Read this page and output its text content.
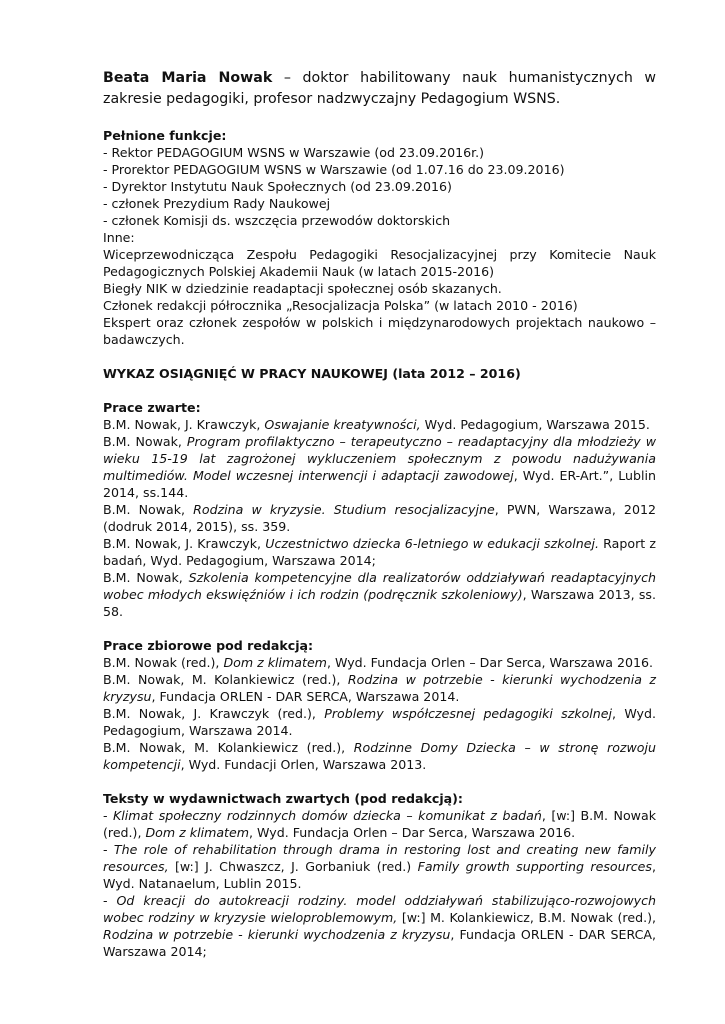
Beata Maria Nowak – doktor habilitowany nauk humanistycznych w zakresie pedagogiki, profesor nadzwyczajny Pedagogium WSNS.
Pełnione funkcje:

- Rektor PEDAGOGIUM WSNS w Warszawie (od 23.09.2016r.)

- Prorektor PEDAGOGIUM WSNS w Warszawie (od 1.07.16 do 23.09.2016)

- Dyrektor Instytutu Nauk Społecznych (od 23.09.2016)

- członek Prezydium Rady Naukowej

- członek Komisji ds. wszczęcia przewodów doktorskich

Inne:

Wiceprzewodnicząca Zespołu Pedagogiki Resocjalizacyjnej przy Komitecie Nauk Pedagogicznych Polskiej Akademii Nauk (w latach 2015-2016)

Biegły NIK w dziedzinie readaptacji społecznej osób skazanych.

Członek redakcji półrocznika „Resocjalizacja Polska” (w latach 2010 - 2016)

Ekspert oraz członek zespołów w polskich i międzynarodowych projektach naukowo – badawczych.

WYKAZ OSIĄGNIĘĆ W PRACY NAUKOWEJ (lata 2012 – 2016)
Prace zwarte:

B.M. Nowak, J. Krawczyk, Oswajanie kreatywności, Wyd. Pedagogium, Warszawa 2015.

B.M. Nowak, Program profilaktyczno – terapeutyczno – readaptacyjny dla młodzieży w wieku 15-19 lat zagrożonej wykluczeniem społecznym z powodu nadużywania multimediów. Model wczesnej interwencji i adaptacji zawodowej, Wyd. ER-Art.”, Lublin 2014, ss.144.

B.M. Nowak, Rodzina w kryzysie. Studium resocjalizacyjne, PWN, Warszawa, 2012 (dodruk 2014, 2015), ss. 359.

B.M. Nowak, J. Krawczyk, Uczestnictwo dziecka 6-letniego w edukacji szkolnej. Raport z badań, Wyd. Pedagogium, Warszawa 2014;

B.M. Nowak, Szkolenia kompetencyjne dla realizatorów oddziaływań readaptacyjnych wobec młodych ekswięźniów i ich rodzin (podręcznik szkoleniowy), Warszawa 2013, ss. 58.

Prace zbiorowe pod redakcją:

B.M. Nowak (red.), Dom z klimatem, Wyd. Fundacja Orlen – Dar Serca, Warszawa 2016.

B.M. Nowak, M. Kolankiewicz (red.), Rodzina w potrzebie - kierunki wychodzenia z kryzysu, Fundacja ORLEN - DAR SERCA, Warszawa 2014.

B.M. Nowak, J. Krawczyk (red.), Problemy współczesnej pedagogiki szkolnej, Wyd. Pedagogium, Warszawa 2014.

B.M. Nowak, M. Kolankiewicz (red.), Rodzinne Domy Dziecka – w stronę rozwoju kompetencji, Wyd. Fundacji Orlen, Warszawa 2013.

Teksty w wydawnictwach zwartych (pod redakcją):

- Klimat społeczny rodzinnych domów dziecka – komunikat z badań, [w:] B.M. Nowak (red.), Dom z klimatem, Wyd. Fundacja Orlen – Dar Serca, Warszawa 2016.

- The role of rehabilitation through drama in restoring lost and creating new family resources, [w:] J. Chwaszcz, J. Gorbaniuk (red.) Family growth supporting resources, Wyd. Natanaelum, Lublin 2015.

- Od kreacji do autokreacji rodziny. model oddziaływań stabilizująco-rozwojowych wobec rodziny w kryzysie wieloproblemowym, [w:] M. Kolankiewicz, B.M. Nowak (red.), Rodzina w potrzebie - kierunki wychodzenia z kryzysu, Fundacja ORLEN - DAR SERCA, Warszawa 2014;
